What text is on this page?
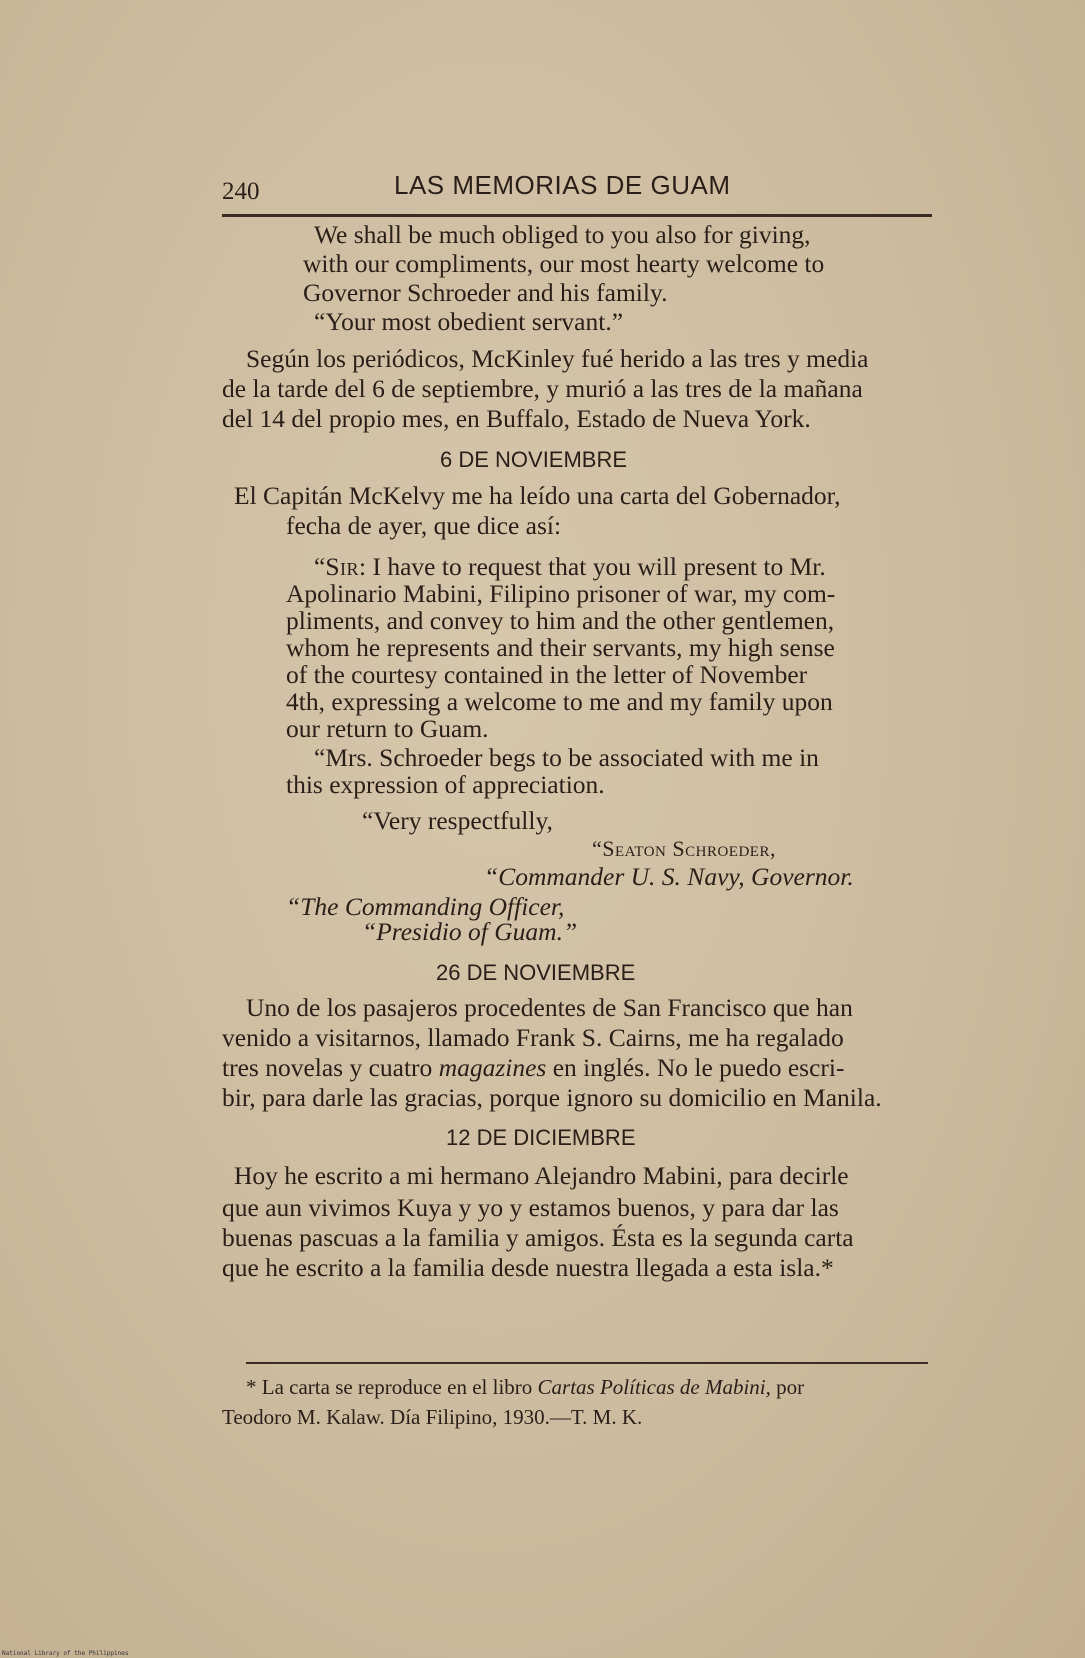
240	LAS MEMORIAS DE GUAM
We shall be much obliged to you also for giving,
with our compliments, our most hearty welcome to
Governor Schroeder and his family.
“Your most obedient servant.”
Según los periódicos, McKinley fué herido a las tres y media
de la tarde del 6 de septiembre, y murió a las tres de la mañana
del 14 del propio mes, en Buffalo, Estado de Nueva York.
6 DE NOVIEMBRE
El Capitán McKelvy me ha leído una carta del Gobernador,
fecha de ayer, que dice así:
“Sir: I have to request that you will present to Mr.
Apolinario Mabini, Filipino prisoner of war, my com-
pliments, and convey to him and the other gentlemen,
whom he represents and their servants, my high sense
of the courtesy contained in the letter of November
4th, expressing a welcome to me and my family upon
our return to Guam.
“Mrs. Schroeder begs to be associated with me in
this expression of appreciation.
“Very respectfully,
“Seaton Schroeder,
“Commander U. S. Navy, Governor.
“The Commanding Officer,
“Presidio of Guam.”
26 DE NOVIEMBRE
Uno de los pasajeros procedentes de San Francisco que han
venido a visitarnos, llamado Frank S. Cairns, me ha regalado
tres novelas y cuatro magazines en inglés. No le puedo escri-
bir, para darle las gracias, porque ignoro su domicilio en Manila.
12 DE DICIEMBRE
Hoy he escrito a mi hermano Alejandro Mabini, para decirle
que aun vivimos Kuya y yo y estamos buenos, y para dar las
buenas pascuas a la familia y amigos. Ésta es la segunda carta
que he escrito a la familia desde nuestra llegada a esta isla.*
* La carta se reproduce en el libro Cartas Políticas de Mabini, por
Teodoro M. Kalaw. Día Filipino, 1930.—T. M. K.
National Library of the Philippines
